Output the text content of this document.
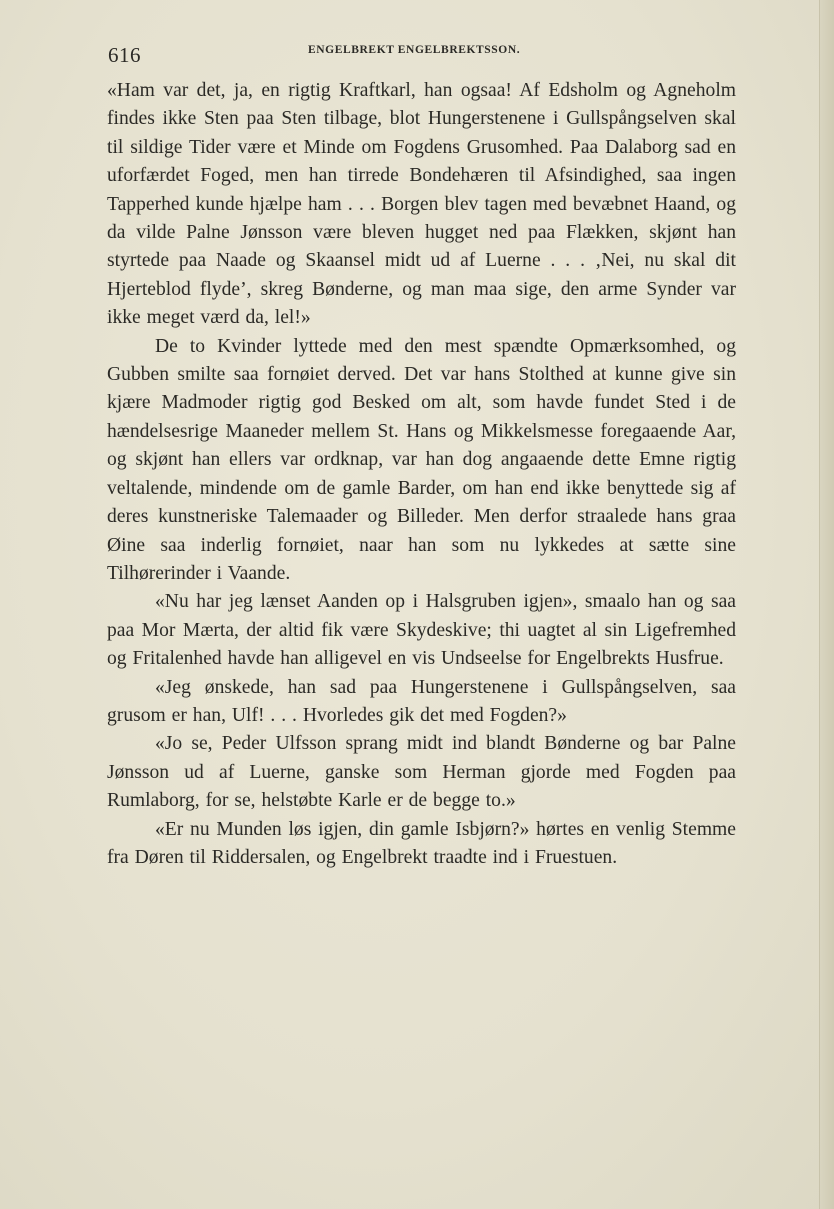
616	ENGELBREKT ENGELBREKTSSON.

«Ham var det, ja, en rigtig Kraftkarl, han ogsaa! Af Edsholm og Agneholm findes ikke Sten paa Sten tilbage, blot Hungerstenene i Gullspångselven skal til sildige Tider være et Minde om Fogdens Grusomhed. Paa Dalaborg sad en uforfærdet Foged, men han tirrede Bondehæren til Afsindighed, saa ingen Tapperhed kunde hjælpe ham . . . Borgen blev tagen med bevæbnet Haand, og da vilde Palne Jønsson være bleven hugget ned paa Flækken, skjønt han styrtede paa Naade og Skaansel midt ud af Luerne . . . ‚Nei, nu skal dit Hjerteblod flyde’, skreg Bønderne, og man maa sige, den arme Synder var ikke meget værd da, lel!»

De to Kvinder lyttede med den mest spændte Opmærksomhed, og Gubben smilte saa fornøiet derved. Det var hans Stolthed at kunne give sin kjære Madmoder rigtig god Besked om alt, som havde fundet Sted i de hændelsesrige Maaneder mellem St. Hans og Mikkelsmesse foregaaende Aar, og skjønt han ellers var ordknap, var han dog angaaende dette Emne rigtig veltalende, mindende om de gamle Barder, om han end ikke benyttede sig af deres kunstneriske Talemaader og Billeder. Men derfor straalede hans graa Øine saa inderlig fornøiet, naar han som nu lykkedes at sætte sine Tilhørerinder i Vaande.

«Nu har jeg lænset Aanden op i Halsgruben igjen», smaalo han og saa paa Mor Mærta, der altid fik være Skydeskive; thi uagtet al sin Ligefremhed og Fritalenhed havde han alligevel en vis Undseelse for Engelbrekts Husfrue.

«Jeg ønskede, han sad paa Hungerstenene i Gullspångselven, saa grusom er han, Ulf! . . . Hvorledes gik det med Fogden?»

«Jo se, Peder Ulfsson sprang midt ind blandt Bønderne og bar Palne Jønsson ud af Luerne, ganske som Herman gjorde med Fogden paa Rumlaborg, for se, helstøbte Karle er de begge to.»

«Er nu Munden løs igjen, din gamle Isbjørn?» hørtes en venlig Stemme fra Døren til Riddersalen, og Engelbrekt traadte ind i Fruestuen.
